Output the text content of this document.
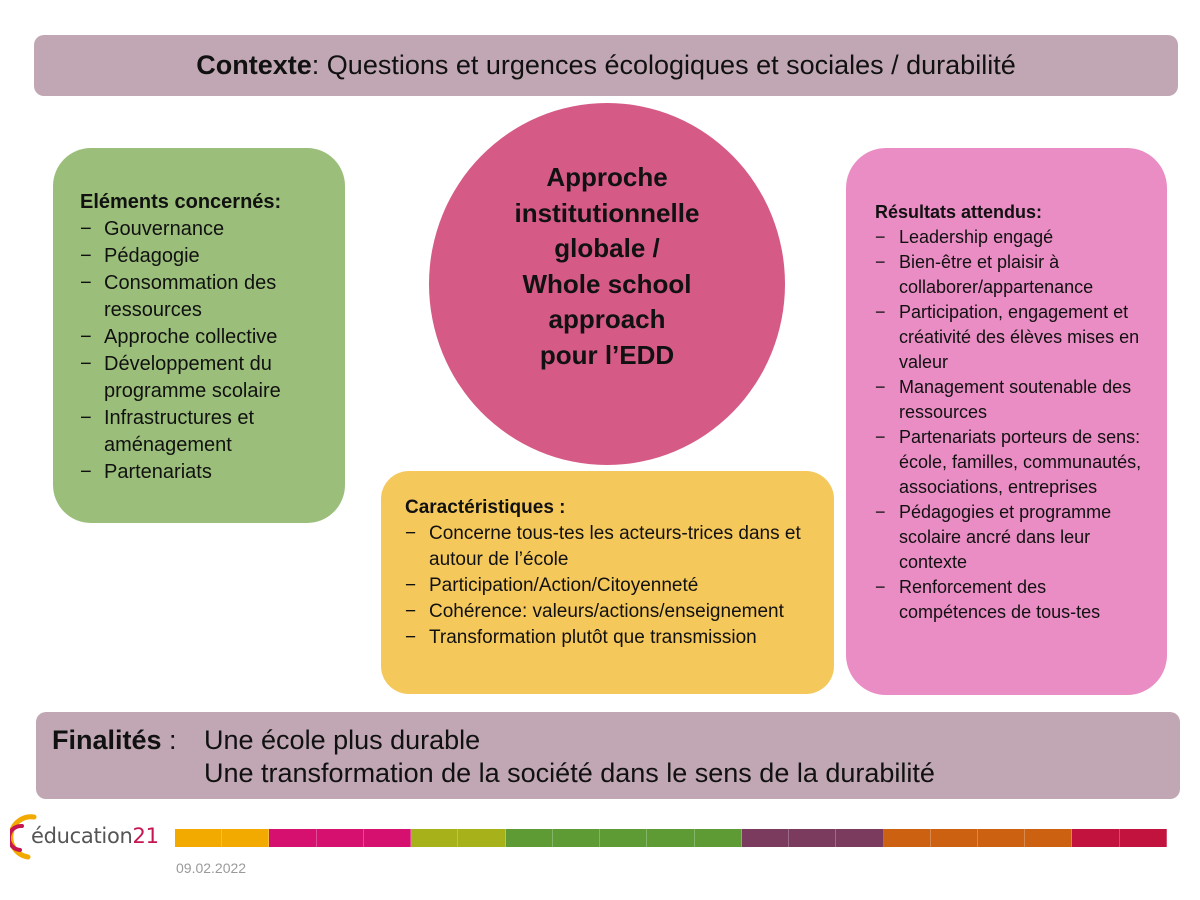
Contexte: Questions et urgences écologiques et sociales / durabilité
Eléments concernés:
− Gouvernance
− Pédagogie
− Consommation des ressources
− Approche collective
− Développement du programme scolaire
− Infrastructures et aménagement
− Partenariats

Approche
institutionnelle
globale /
Whole school
approach
pour l’EDD

Caractéristiques :
− Concerne tous-tes les acteurs-trices dans et autour de l’école
− Participation/Action/Citoyenneté
− Cohérence: valeurs/actions/enseignement
− Transformation plutôt que transmission
Résultats attendus:
− Leadership engagé
− Bien-être et plaisir à collaborer/appartenance
− Participation, engagement et créativité des élèves mises en valeur
− Management soutenable des ressources
− Partenariats porteurs de sens: école, familles, communautés, associations, entreprises
− Pédagogies et programme scolaire ancré dans leur contexte
− Renforcement des compétences de tous-tes
Finalités : Une école plus durable
Une transformation de la société dans le sens de la durabilité
éducation21
09.02.2022
